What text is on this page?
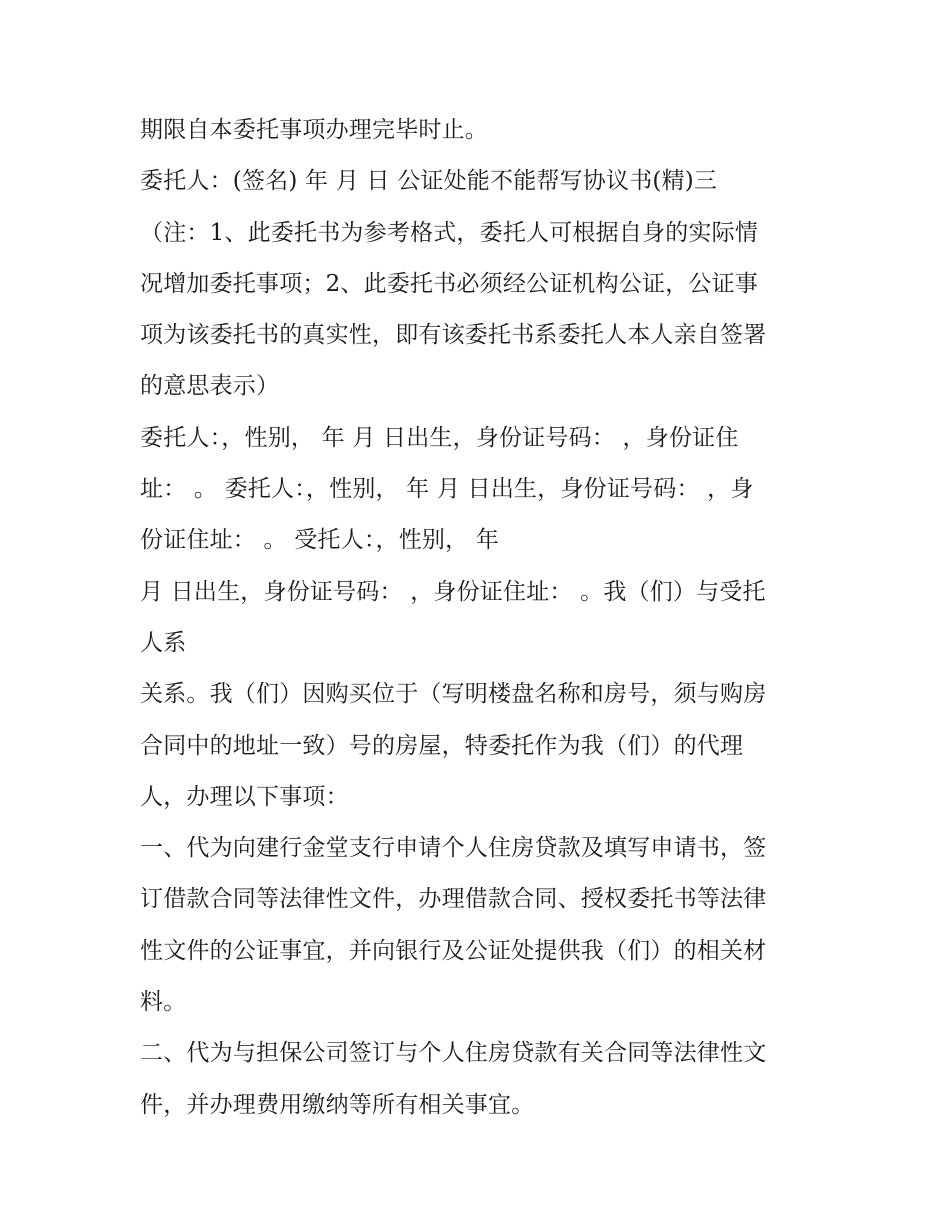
期限自本委托事项办理完毕时止。
委托人：(签名) 年 月 日 公证处能不能帮写协议书(精)三
（注：1、此委托书为参考格式，委托人可根据自身的实际情
况增加委托事项；2、此委托书必须经公证机构公证，公证事
项为该委托书的真实性，即有该委托书系委托人本人亲自签署
的意思表示）
委托人：，性别， 年 月 日出生，身份证号码： ，身份证住
址： 。 委托人：，性别， 年 月 日出生，身份证号码： ，身
份证住址： 。 受托人：，性别， 年
月 日出生，身份证号码： ，身份证住址： 。我（们）与受托
人系
关系。我（们）因购买位于（写明楼盘名称和房号，须与购房
合同中的地址一致）号的房屋，特委托作为我（们）的代理
人，办理以下事项：
一、代为向建行金堂支行申请个人住房贷款及填写申请书，签
订借款合同等法律性文件，办理借款合同、授权委托书等法律
性文件的公证事宜，并向银行及公证处提供我（们）的相关材
料。
二、代为与担保公司签订与个人住房贷款有关合同等法律性文
件，并办理费用缴纳等所有相关事宜。
